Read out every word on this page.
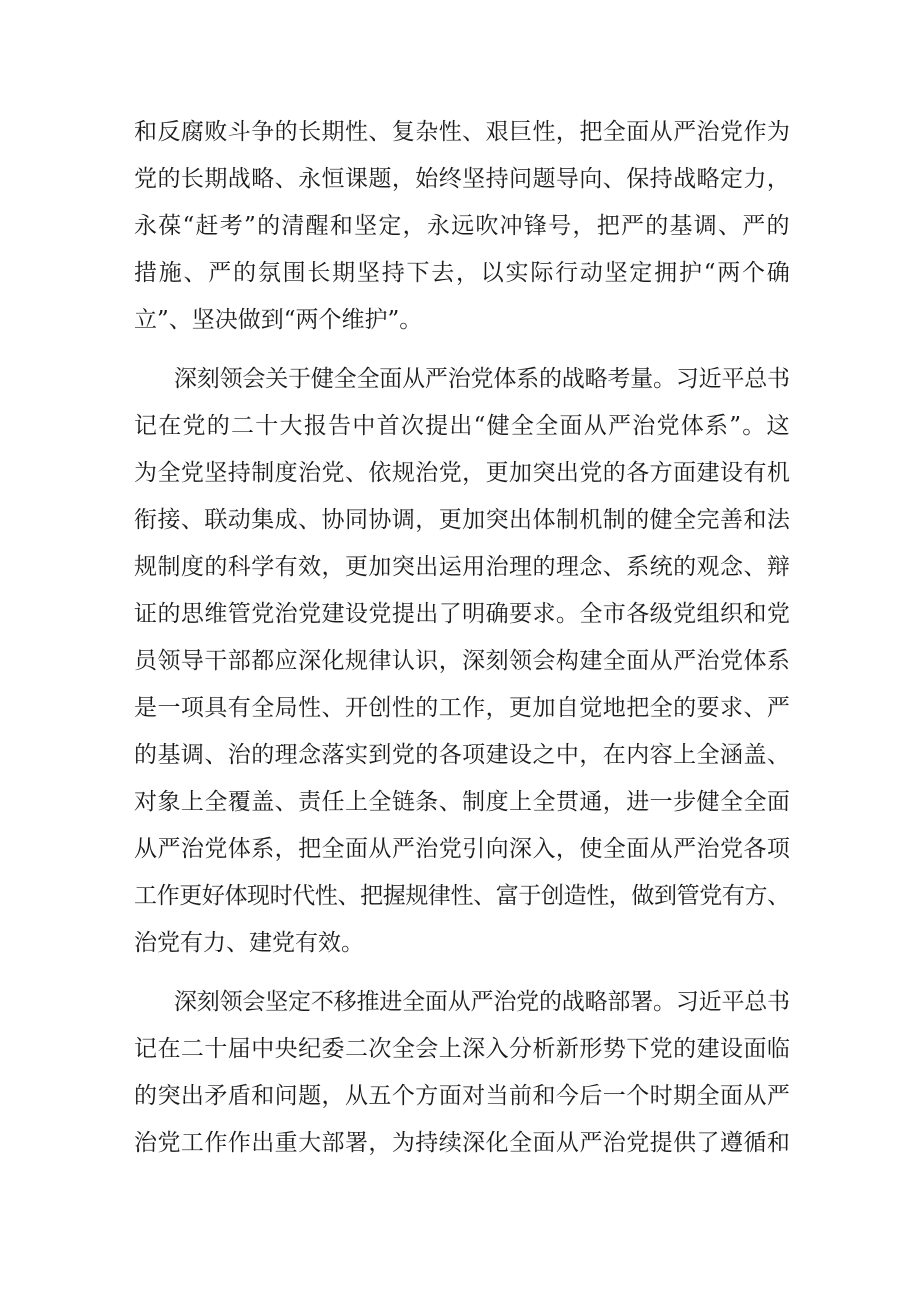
和反腐败斗争的长期性、复杂性、艰巨性，把全面从严治党作为
党的长期战略、永恒课题，始终坚持问题导向、保持战略定力，
永葆“赶考”的清醒和坚定，永远吹冲锋号，把严的基调、严的
措施、严的氛围长期坚持下去，以实际行动坚定拥护“两个确
立”、坚决做到“两个维护”。
深刻领会关于健全全面从严治党体系的战略考量。习近平总书
记在党的二十大报告中首次提出“健全全面从严治党体系”。这
为全党坚持制度治党、依规治党，更加突出党的各方面建设有机
衔接、联动集成、协同协调，更加突出体制机制的健全完善和法
规制度的科学有效，更加突出运用治理的理念、系统的观念、辩
证的思维管党治党建设党提出了明确要求。全市各级党组织和党
员领导干部都应深化规律认识，深刻领会构建全面从严治党体系
是一项具有全局性、开创性的工作，更加自觉地把全的要求、严
的基调、治的理念落实到党的各项建设之中，在内容上全涵盖、
对象上全覆盖、责任上全链条、制度上全贯通，进一步健全全面
从严治党体系，把全面从严治党引向深入，使全面从严治党各项
工作更好体现时代性、把握规律性、富于创造性，做到管党有方、
治党有力、建党有效。
深刻领会坚定不移推进全面从严治党的战略部署。习近平总书
记在二十届中央纪委二次全会上深入分析新形势下党的建设面临
的突出矛盾和问题，从五个方面对当前和今后一个时期全面从严
治党工作作出重大部署，为持续深化全面从严治党提供了遵循和
